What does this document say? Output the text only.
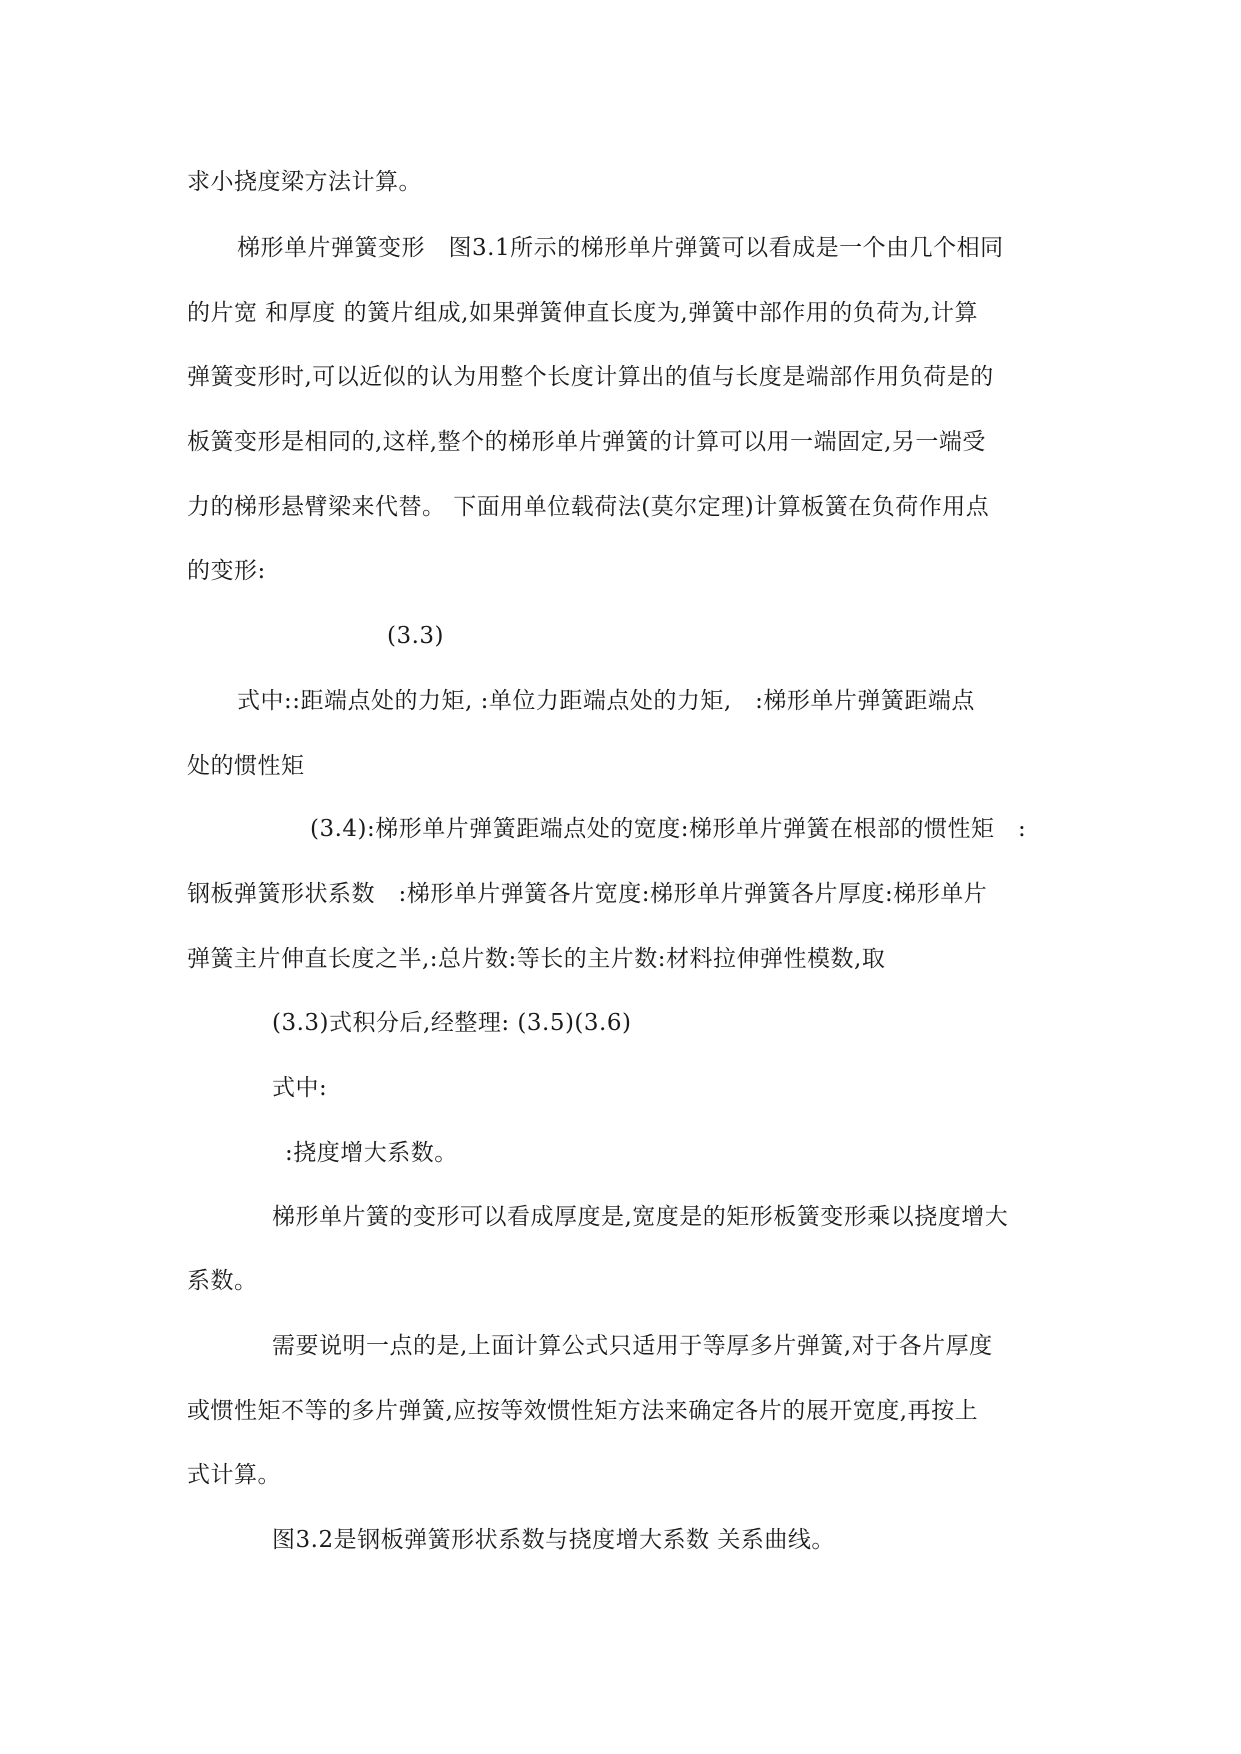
求小挠度梁方法计算。

梯形单片弹簧变形　图3.1所示的梯形单片弹簧可以看成是一个由几个相同

的片宽 和厚度 的簧片组成,如果弹簧伸直长度为,弹簧中部作用的负荷为,计算

弹簧变形时,可以近似的认为用整个长度计算出的值与长度是端部作用负荷是的

板簧变形是相同的,这样,整个的梯形单片弹簧的计算可以用一端固定,另一端受

力的梯形悬臂梁来代替。 下面用单位载荷法(莫尔定理)计算板簧在负荷作用点

的变形:

(3.3)

式中::距端点处的力矩, :单位力距端点处的力矩,　:梯形单片弹簧距端点

处的惯性矩

(3.4):梯形单片弹簧距端点处的宽度:梯形单片弹簧在根部的惯性矩　:

钢板弹簧形状系数　:梯形单片弹簧各片宽度:梯形单片弹簧各片厚度:梯形单片

弹簧主片伸直长度之半,:总片数:等长的主片数:材料拉伸弹性模数,取

(3.3)式积分后,经整理: (3.5)(3.6)

式中:

:挠度增大系数。

梯形单片簧的变形可以看成厚度是,宽度是的矩形板簧变形乘以挠度增大

系数。

需要说明一点的是,上面计算公式只适用于等厚多片弹簧,对于各片厚度

或惯性矩不等的多片弹簧,应按等效惯性矩方法来确定各片的展开宽度,再按上

式计算。

图3.2是钢板弹簧形状系数与挠度增大系数 关系曲线。
